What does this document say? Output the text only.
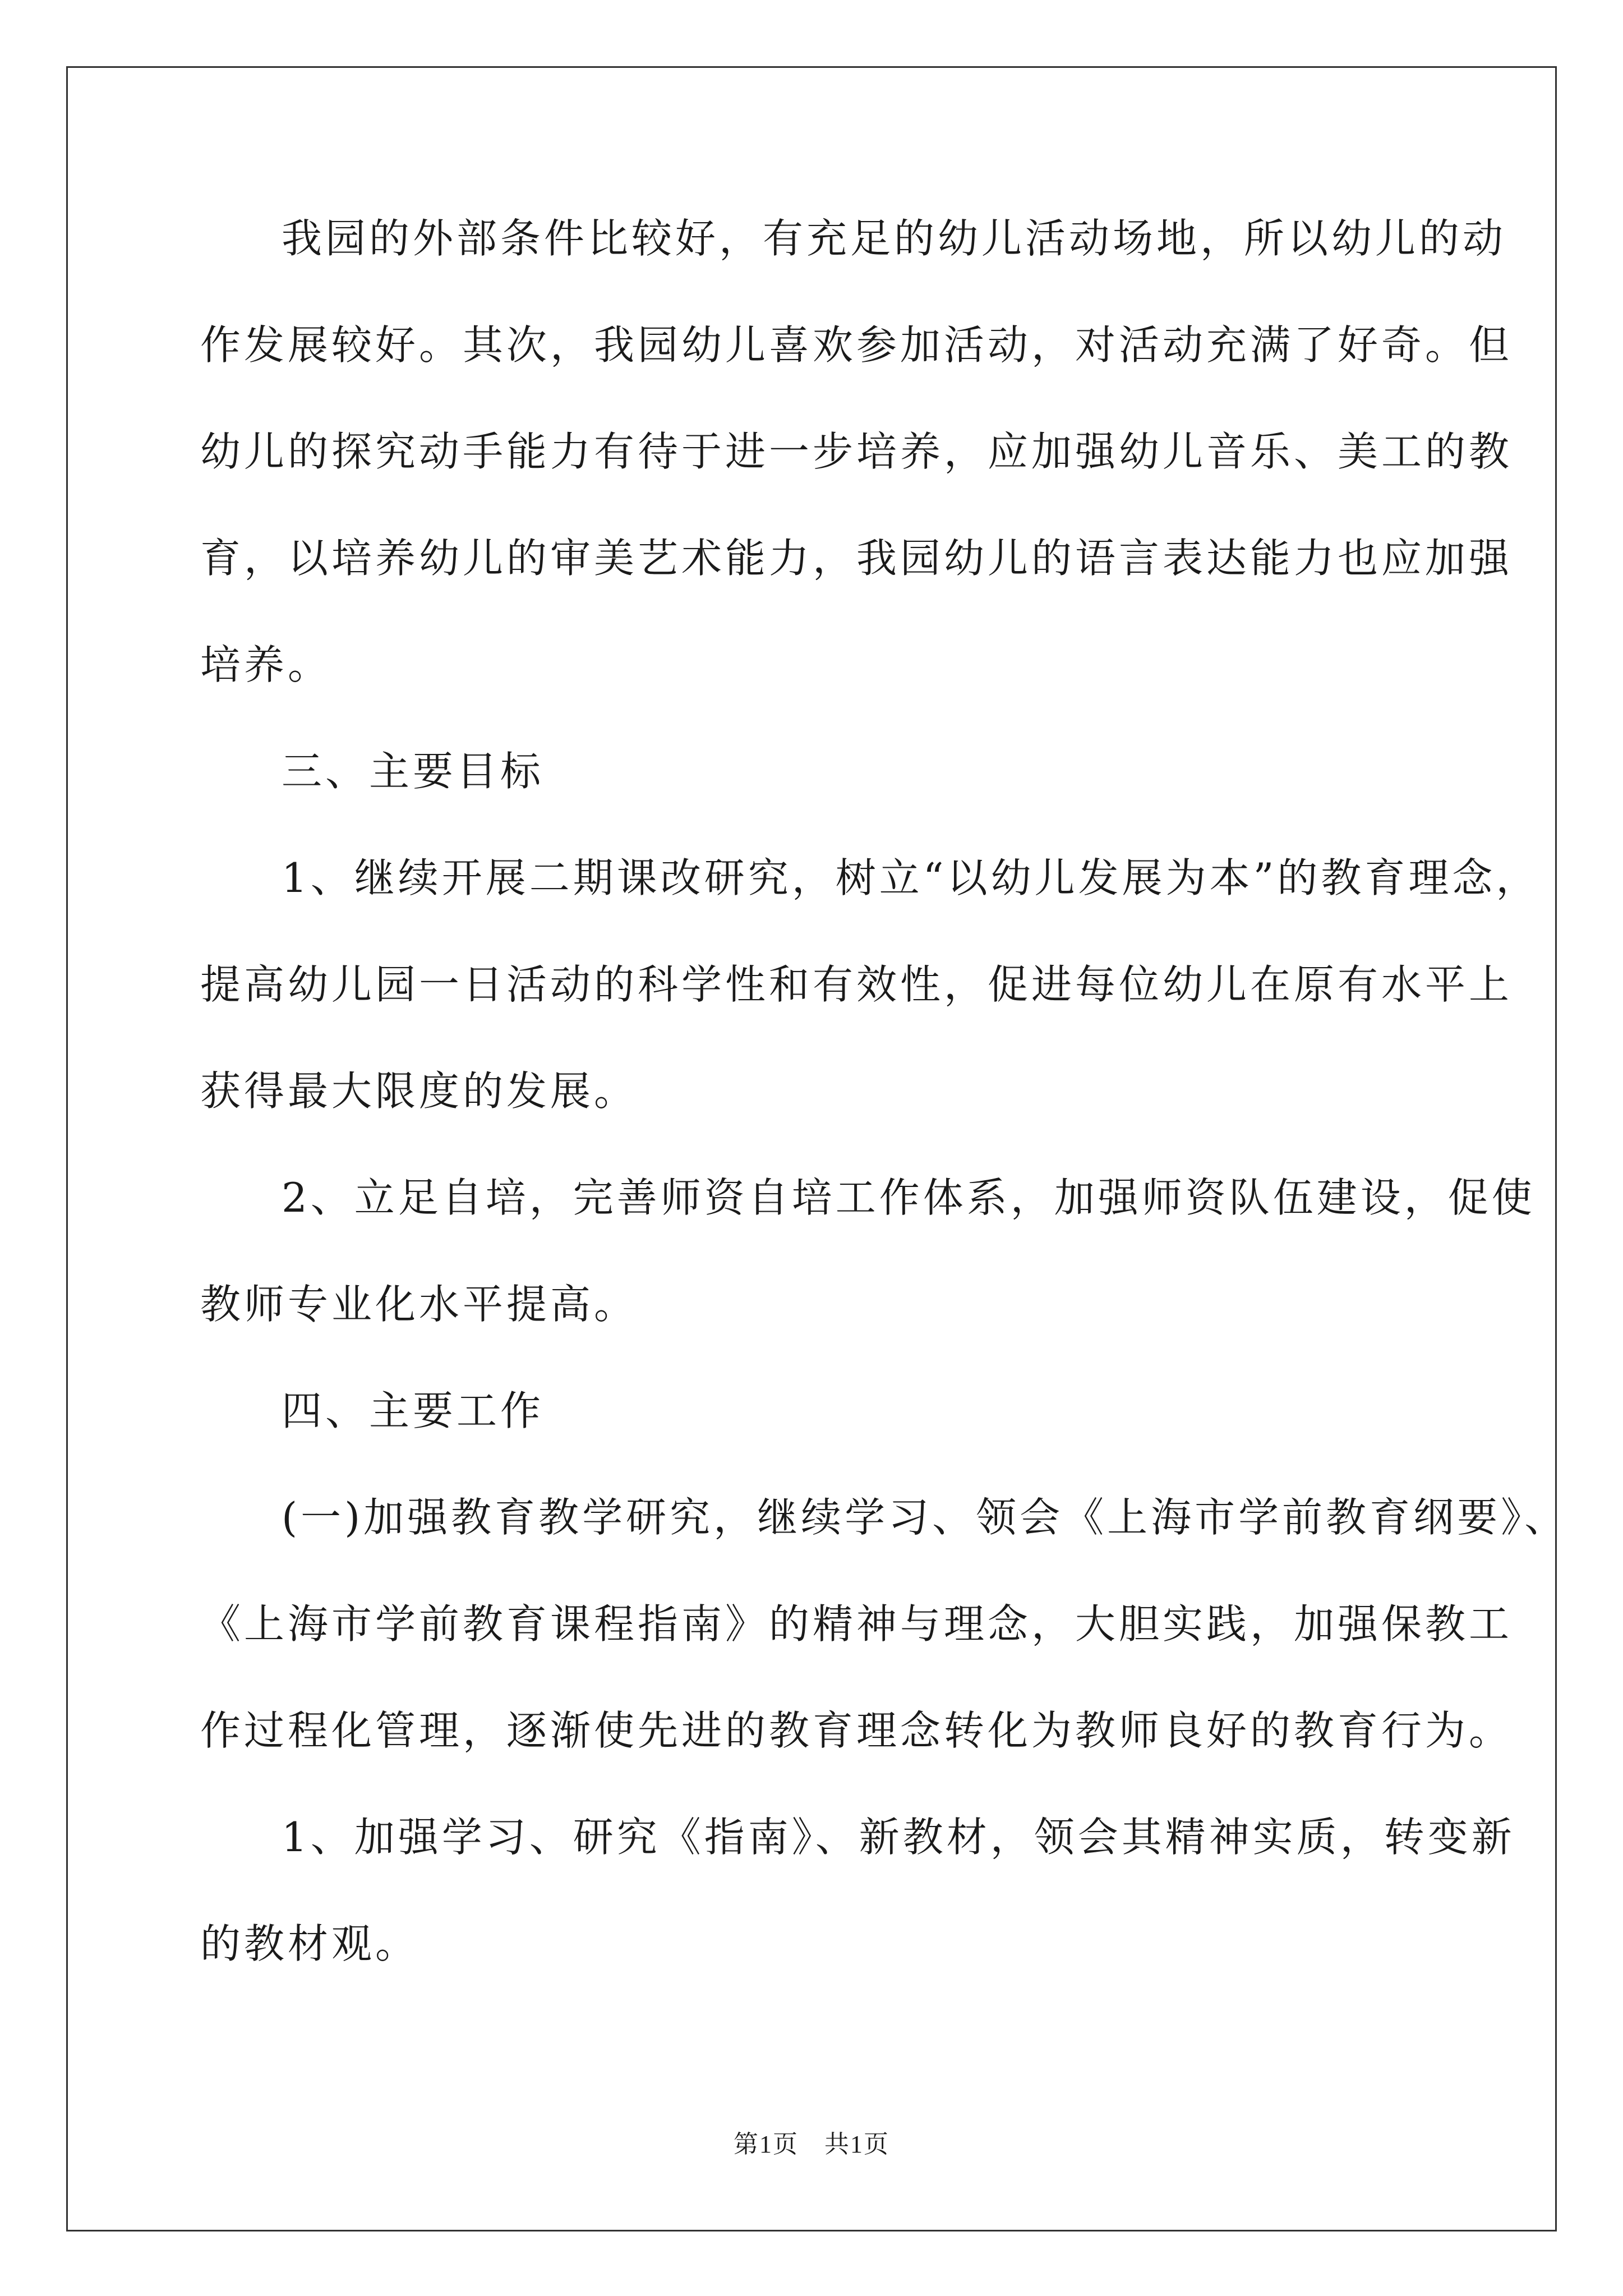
我园的外部条件比较好，有充足的幼儿活动场地，所以幼儿的动
作发展较好。其次，我园幼儿喜欢参加活动，对活动充满了好奇。但
幼儿的探究动手能力有待于进一步培养，应加强幼儿音乐、美工的教
育，以培养幼儿的审美艺术能力，我园幼儿的语言表达能力也应加强
培养。
三、主要目标
1、继续开展二期课改研究，树立“以幼儿发展为本”的教育理念，
提高幼儿园一日活动的科学性和有效性，促进每位幼儿在原有水平上
获得最大限度的发展。
2、立足自培，完善师资自培工作体系，加强师资队伍建设，促使
教师专业化水平提高。
四、主要工作
(一)加强教育教学研究，继续学习、领会《上海市学前教育纲要》、
《上海市学前教育课程指南》的精神与理念，大胆实践，加强保教工
作过程化管理，逐渐使先进的教育理念转化为教师良好的教育行为。
1、加强学习、研究《指南》、新教材，领会其精神实质，转变新
的教材观。
第1页　共1页
